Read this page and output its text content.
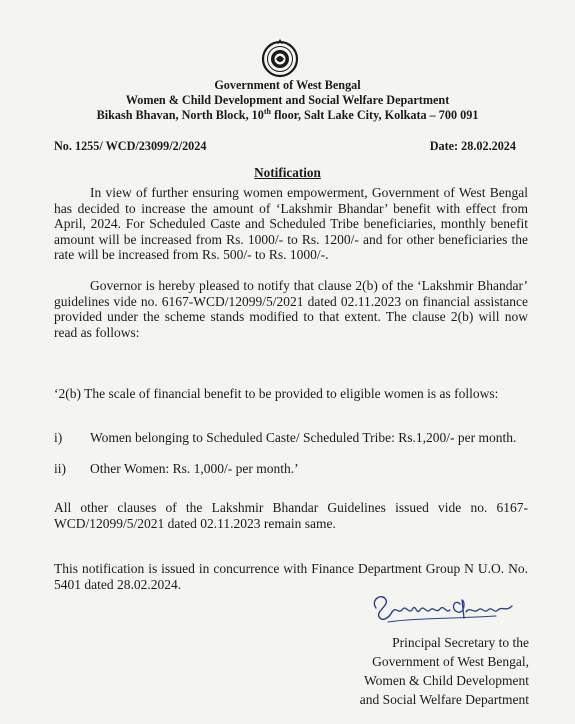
Government of West Bengal
Women & Child Development and Social Welfare Department
Bikash Bhavan, North Block, 10th floor, Salt Lake City, Kolkata – 700 091
No. 1255/ WCD/23099/2/2024	Date: 28.02.2024
Notification
In view of further ensuring women empowerment, Government of West Bengal has decided to increase the amount of ‘Lakshmir Bhandar’ benefit with effect from April, 2024. For Scheduled Caste and Scheduled Tribe beneficiaries, monthly benefit amount will be increased from Rs. 1000/- to Rs. 1200/- and for other beneficiaries the rate will be increased from Rs. 500/- to Rs. 1000/-.
Governor is hereby pleased to notify that clause 2(b) of the ‘Lakshmir Bhandar’ guidelines vide no. 6167-WCD/12099/5/2021 dated 02.11.2023 on financial assistance provided under the scheme stands modified to that extent. The clause 2(b) will now read as follows:
‘2(b) The scale of financial benefit to be provided to eligible women is as follows:
i) Women belonging to Scheduled Caste/ Scheduled Tribe: Rs.1,200/- per month.
ii) Other Women: Rs. 1,000/- per month.’
All other clauses of the Lakshmir Bhandar Guidelines issued vide no. 6167-WCD/12099/5/2021 dated 02.11.2023 remain same.
This notification is issued in concurrence with Finance Department Group N U.O. No. 5401 dated 28.02.2024.
Principal Secretary to the
Government of West Bengal,
Women & Child Development
and Social Welfare Department
